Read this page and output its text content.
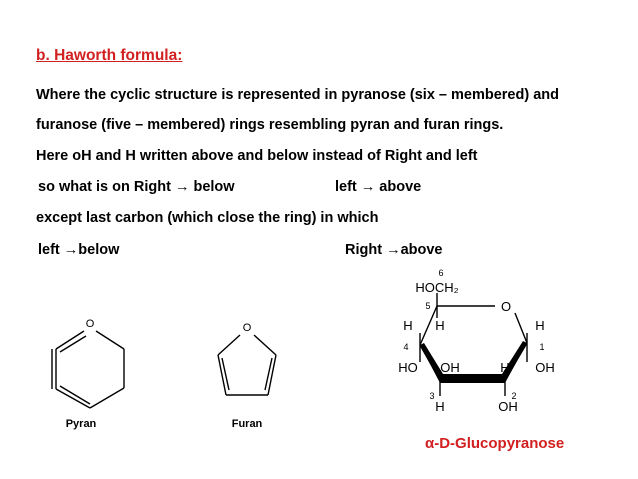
b. Haworth formula:
Where the cyclic structure is represented in pyranose (six – membered) and
furanose (five – membered) rings resembling pyran and furan rings.
Here oH and H written above and below instead of Right and left
so what is on Right → below	left → above
except last carbon (which close the ring) in which
left →below	Right →above
O
Pyran
O
Furan
6
HOCH₂
5	O
H
H
4
HO OH
3
H
H
2
OH
H
1
OH
α-D-Glucopyranose
